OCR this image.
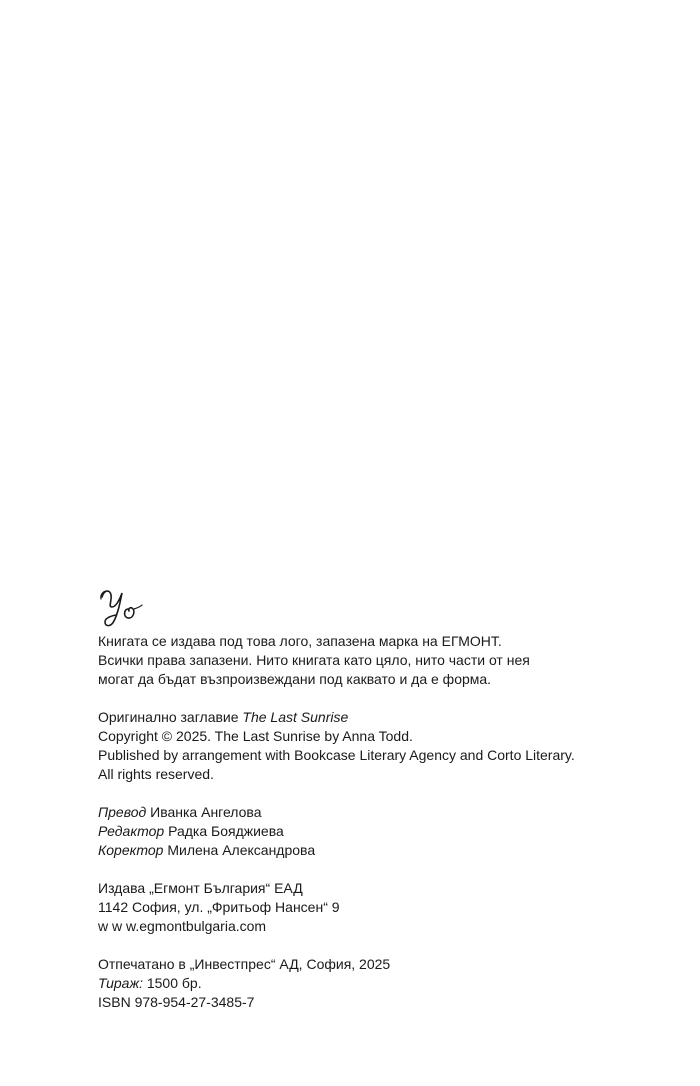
Книгата се издава под това лого, запазена марка на ЕГМОНТ.
Всички права запазени. Нито книгата като цяло, нито части от нея
могат да бъдат възпроизвеждани под каквато и да е форма.
Оригинално заглавие The Last Sunrise
Copyright © 2025. The Last Sunrise by Anna Todd.
Published by arrangement with Bookcase Literary Agency and Corto Literary.
All rights reserved.
Превод Иванка Ангелова
Редактор Радка Бояджиева
Коректор Милена Александрова
Издава „Егмонт България“ ЕАД
1142 София, ул. „Фритьоф Нансен“ 9
w w w.egmontbulgaria.com
Отпечатано в „Инвестпрес“ АД, София, 2025
Тираж: 1500 бр.
ISBN 978-954-27-3485-7
